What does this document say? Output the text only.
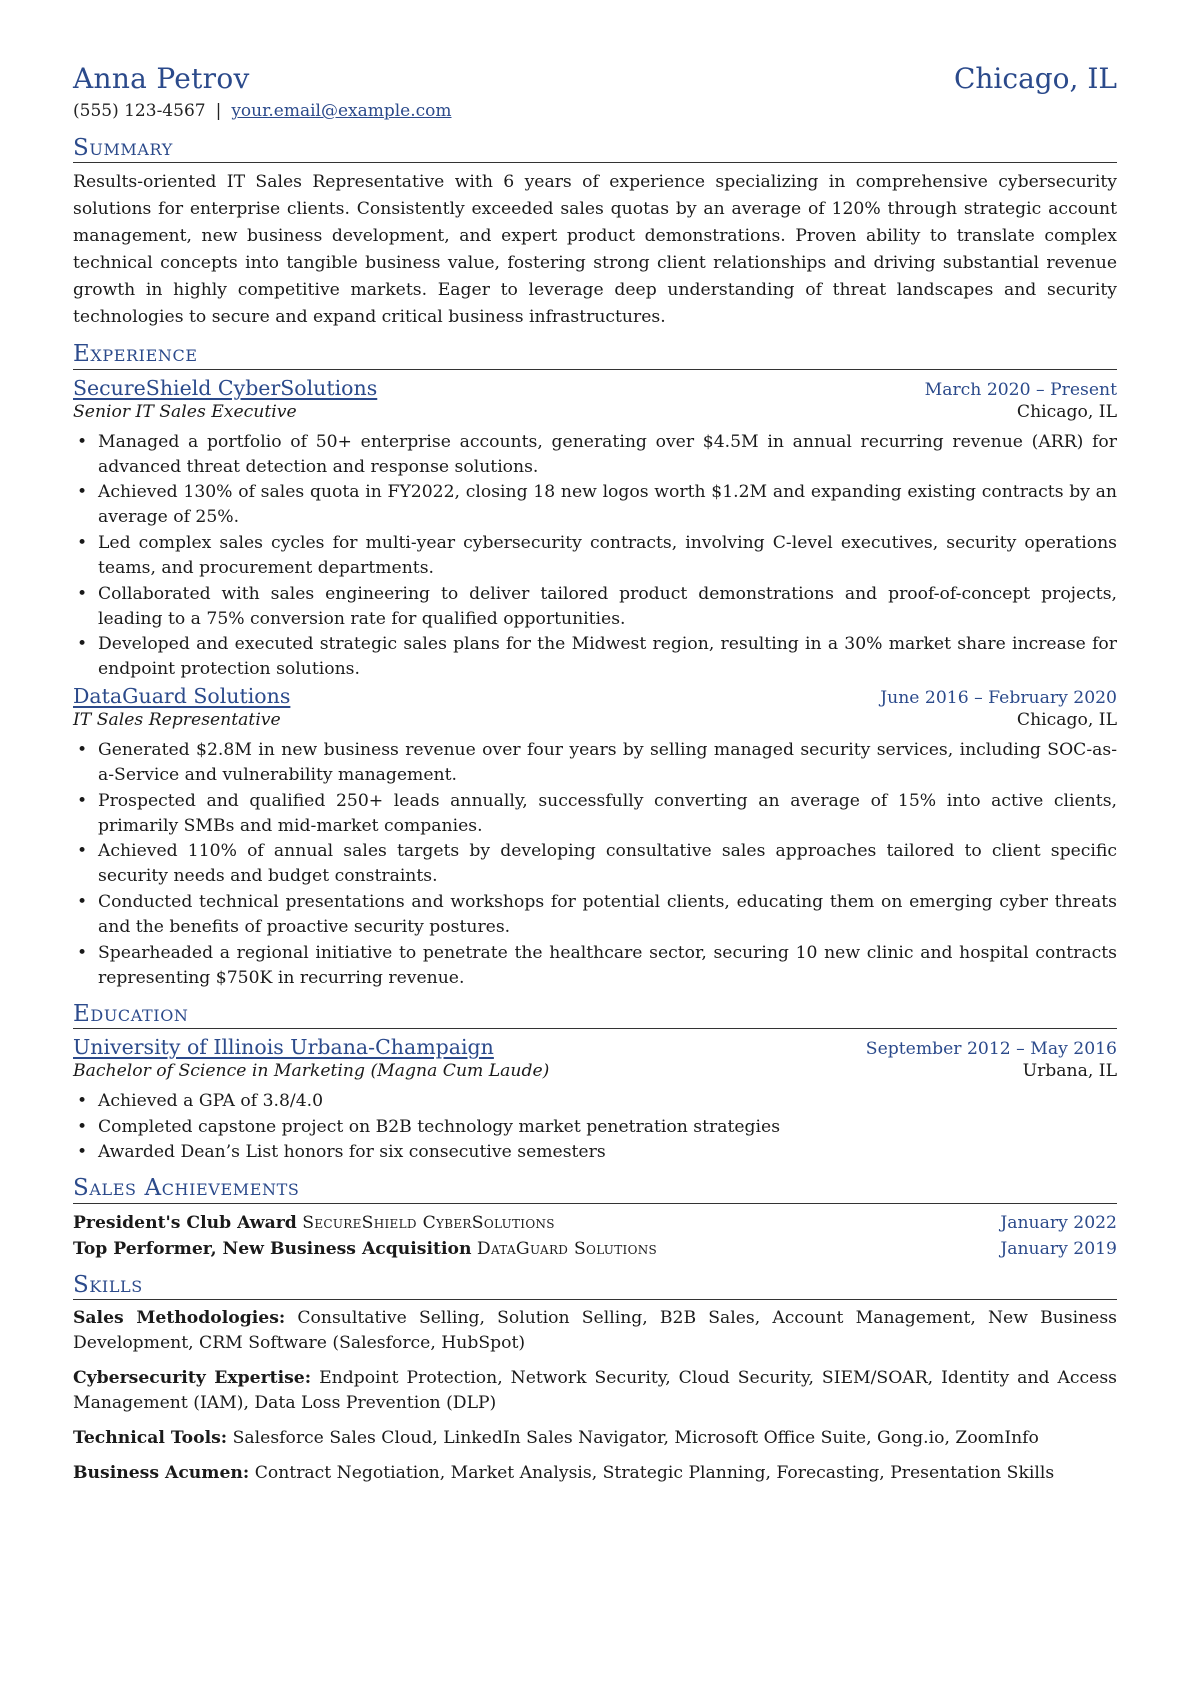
Anna Petrov	Chicago, IL
(555) 123-4567 | your.email@example.com
Summary
Results-oriented IT Sales Representative with 6 years of experience specializing in comprehensive cybersecurity solutions for enterprise clients. Consistently exceeded sales quotas by an average of 120% through strategic account management, new business development, and expert product demonstrations. Proven ability to translate complex technical concepts into tangible business value, fostering strong client relationships and driving substantial revenue growth in highly competitive markets. Eager to leverage deep understanding of threat landscapes and security technologies to secure and expand critical business infrastructures.
Experience
SecureShield CyberSolutions	March 2020 – Present
Senior IT Sales Executive	Chicago, IL
• Managed a portfolio of 50+ enterprise accounts, generating over $4.5M in annual recurring revenue (ARR) for advanced threat detection and response solutions.
• Achieved 130% of sales quota in FY2022, closing 18 new logos worth $1.2M and expanding existing contracts by an average of 25%.
• Led complex sales cycles for multi-year cybersecurity contracts, involving C-level executives, security operations teams, and procurement departments.
• Collaborated with sales engineering to deliver tailored product demonstrations and proof-of-concept projects, leading to a 75% conversion rate for qualified opportunities.
• Developed and executed strategic sales plans for the Midwest region, resulting in a 30% market share increase for endpoint protection solutions.
DataGuard Solutions	June 2016 – February 2020
IT Sales Representative	Chicago, IL
• Generated $2.8M in new business revenue over four years by selling managed security services, including SOC-as-a-Service and vulnerability management.
• Prospected and qualified 250+ leads annually, successfully converting an average of 15% into active clients, primarily SMBs and mid-market companies.
• Achieved 110% of annual sales targets by developing consultative sales approaches tailored to client specific security needs and budget constraints.
• Conducted technical presentations and workshops for potential clients, educating them on emerging cyber threats and the benefits of proactive security postures.
• Spearheaded a regional initiative to penetrate the healthcare sector, securing 10 new clinic and hospital contracts representing $750K in recurring revenue.
Education
University of Illinois Urbana-Champaign	September 2012 – May 2016
Bachelor of Science in Marketing (Magna Cum Laude)	Urbana, IL
• Achieved a GPA of 3.8/4.0
• Completed capstone project on B2B technology market penetration strategies
• Awarded Dean’s List honors for six consecutive semesters
Sales Achievements
President's Club Award SecureShield CyberSolutions	January 2022
Top Performer, New Business Acquisition DataGuard Solutions	January 2019
Skills
Sales Methodologies: Consultative Selling, Solution Selling, B2B Sales, Account Management, New Business Development, CRM Software (Salesforce, HubSpot)
Cybersecurity Expertise: Endpoint Protection, Network Security, Cloud Security, SIEM/SOAR, Identity and Access Management (IAM), Data Loss Prevention (DLP)
Technical Tools: Salesforce Sales Cloud, LinkedIn Sales Navigator, Microsoft Office Suite, Gong.io, ZoomInfo
Business Acumen: Contract Negotiation, Market Analysis, Strategic Planning, Forecasting, Presentation Skills
